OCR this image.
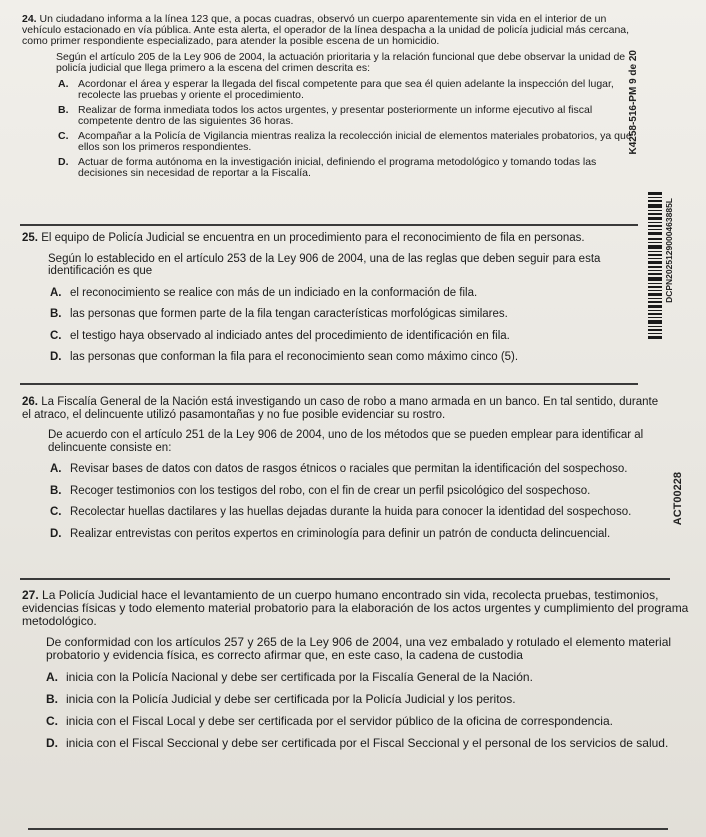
24. Un ciudadano informa a la línea 123 que, a pocas cuadras, observó un cuerpo aparentemente sin vida en el interior de un vehículo estacionado en vía pública. Ante esta alerta, el operador de la línea despacha a la unidad de policía judicial más cercana, como primer respondiente especializado, para atender la posible escena de un homicidio.

Según el artículo 205 de la Ley 906 de 2004, la actuación prioritaria y la relación funcional que debe observar la unidad de policía judicial que llega primero a la escena del crimen descrita es:

A. Acordonar el área y esperar la llegada del fiscal competente para que sea él quien adelante la inspección del lugar, recolecte las pruebas y oriente el procedimiento.
B. Realizar de forma inmediata todos los actos urgentes, y presentar posteriormente un informe ejecutivo al fiscal competente dentro de las siguientes 36 horas.
C. Acompañar a la Policía de Vigilancia mientras realiza la recolección inicial de elementos materiales probatorios, ya que ellos son los primeros respondientes.
D. Actuar de forma autónoma en la investigación inicial, definiendo el programa metodológico y tomando todas las decisiones sin necesidad de reportar a la Fiscalía.

25. El equipo de Policía Judicial se encuentra en un procedimiento para el reconocimiento de fila en personas.

Según lo establecido en el artículo 253 de la Ley 906 de 2004, una de las reglas que deben seguir para esta identificación es que

A. el reconocimiento se realice con más de un indiciado en la conformación de fila.
B. las personas que formen parte de la fila tengan características morfológicas similares.
C. el testigo haya observado al indiciado antes del procedimiento de identificación en fila.
D. las personas que conforman la fila para el reconocimiento sean como máximo cinco (5).

26. La Fiscalía General de la Nación está investigando un caso de robo a mano armada en un banco. En tal sentido, durante el atraco, el delincuente utilizó pasamontañas y no fue posible evidenciar su rostro.

De acuerdo con el artículo 251 de la Ley 906 de 2004, uno de los métodos que se pueden emplear para identificar al delincuente consiste en:

A. Revisar bases de datos con datos de rasgos étnicos o raciales que permitan la identificación del sospechoso.
B. Recoger testimonios con los testigos del robo, con el fin de crear un perfil psicológico del sospechoso.
C. Recolectar huellas dactilares y las huellas dejadas durante la huida para conocer la identidad del sospechoso.
D. Realizar entrevistas con peritos expertos en criminología para definir un patrón de conducta delincuencial.

27. La Policía Judicial hace el levantamiento de un cuerpo humano encontrado sin vida, recolecta pruebas, testimonios, evidencias físicas y todo elemento material probatorio para la elaboración de los actos urgentes y cumplimiento del programa metodológico.

De conformidad con los artículos 257 y 265 de la Ley 906 de 2004, una vez embalado y rotulado el elemento material probatorio y evidencia física, es correcto afirmar que, en este caso, la cadena de custodia

A. inicia con la Policía Nacional y debe ser certificada por la Fiscalía General de la Nación.
B. inicia con la Policía Judicial y debe ser certificada por la Policía Judicial y los peritos.
C. inicia con el Fiscal Local y debe ser certificada por el servidor público de la oficina de correspondencia.
D. inicia con el Fiscal Seccional y debe ser certificada por el Fiscal Seccional y el personal de los servicios de salud.
K4258-516-PM 9 de 20
DCPN2025129000463885L
ACT00228
